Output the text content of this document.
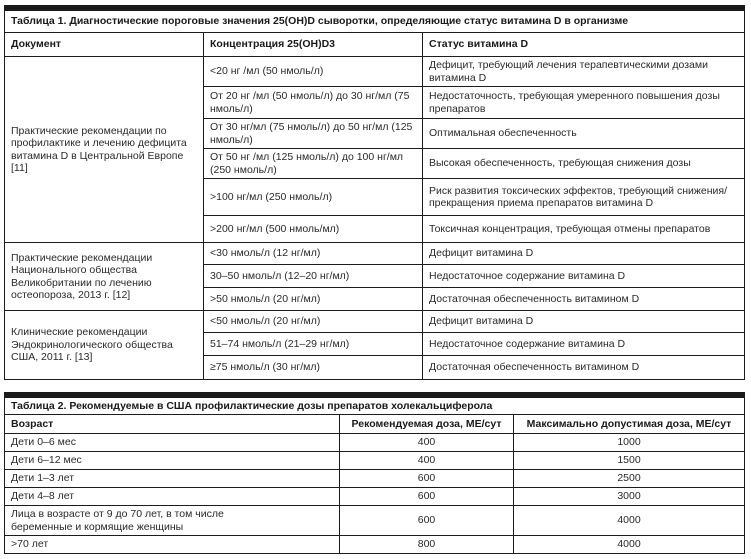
Таблица 1. Диагностические пороговые значения 25(OH)D сыворотки, определяющие статус витамина D в организме		
Документ	Концентрация 25(OH)D3	Статус витамина D
Практические рекомендации по профилактике и лечению дефицита витамина D в Центральной Европе [11]	<20 нг /мл (50 нмоль/л)	Дефицит, требующий лечения терапевтическими дозами витамина D
	От 20 нг /мл (50 нмоль/л) до 30 нг/мл (75 нмоль/л)	Недостаточность, требующая умеренного повышения дозы препаратов
	От 30 нг/мл (75 нмоль/л) до 50 нг/мл (125 нмоль/л)	Оптимальная обеспеченность
	От 50 нг /мл (125 нмоль/л) до 100 нг/мл (250 нмоль/л)	Высокая обеспеченность, требующая снижения дозы
	>100 нг/мл (250 нмоль/л)	Риск развития токсических эффектов, требующий снижения/прекращения приема препаратов витамина D
	>200 нг/мл (500 нмоль/мл)	Токсичная концентрация, требующая отмены препаратов
Практические рекомендации Национального общества Великобритании по лечению остеопороза, 2013 г. [12]	<30 нмоль/л (12 нг/мл)	Дефицит витамина D
	30–50 нмоль/л (12–20 нг/мл)	Недостаточное содержание витамина D
	>50 нмоль/л (20 нг/мл)	Достаточная обеспеченность витамином D
Клинические рекомендации Эндокринологического общества США, 2011 г. [13]	<50 нмоль/л (20 нг/мл)	Дефицит витамина D
	51–74 нмоль/л (21–29 нг/мл)	Недостаточное содержание витамина D
	≥75 нмоль/л (30 нг/мл)	Достаточная обеспеченность витамином D
Таблица 2. Рекомендуемые в США профилактические дозы препаратов холекальциферола		
Возраст	Рекомендуемая доза, МЕ/сут	Максимально допустимая доза, МЕ/сут
Дети 0–6 мес	400	1000
Дети 6–12 мес	400	1500
Дети 1–3 лет	600	2500
Дети 4–8 лет	600	3000
Лица в возрасте от 9 до 70 лет, в том числе беременные и кормящие женщины	600	4000
>70 лет	800	4000
